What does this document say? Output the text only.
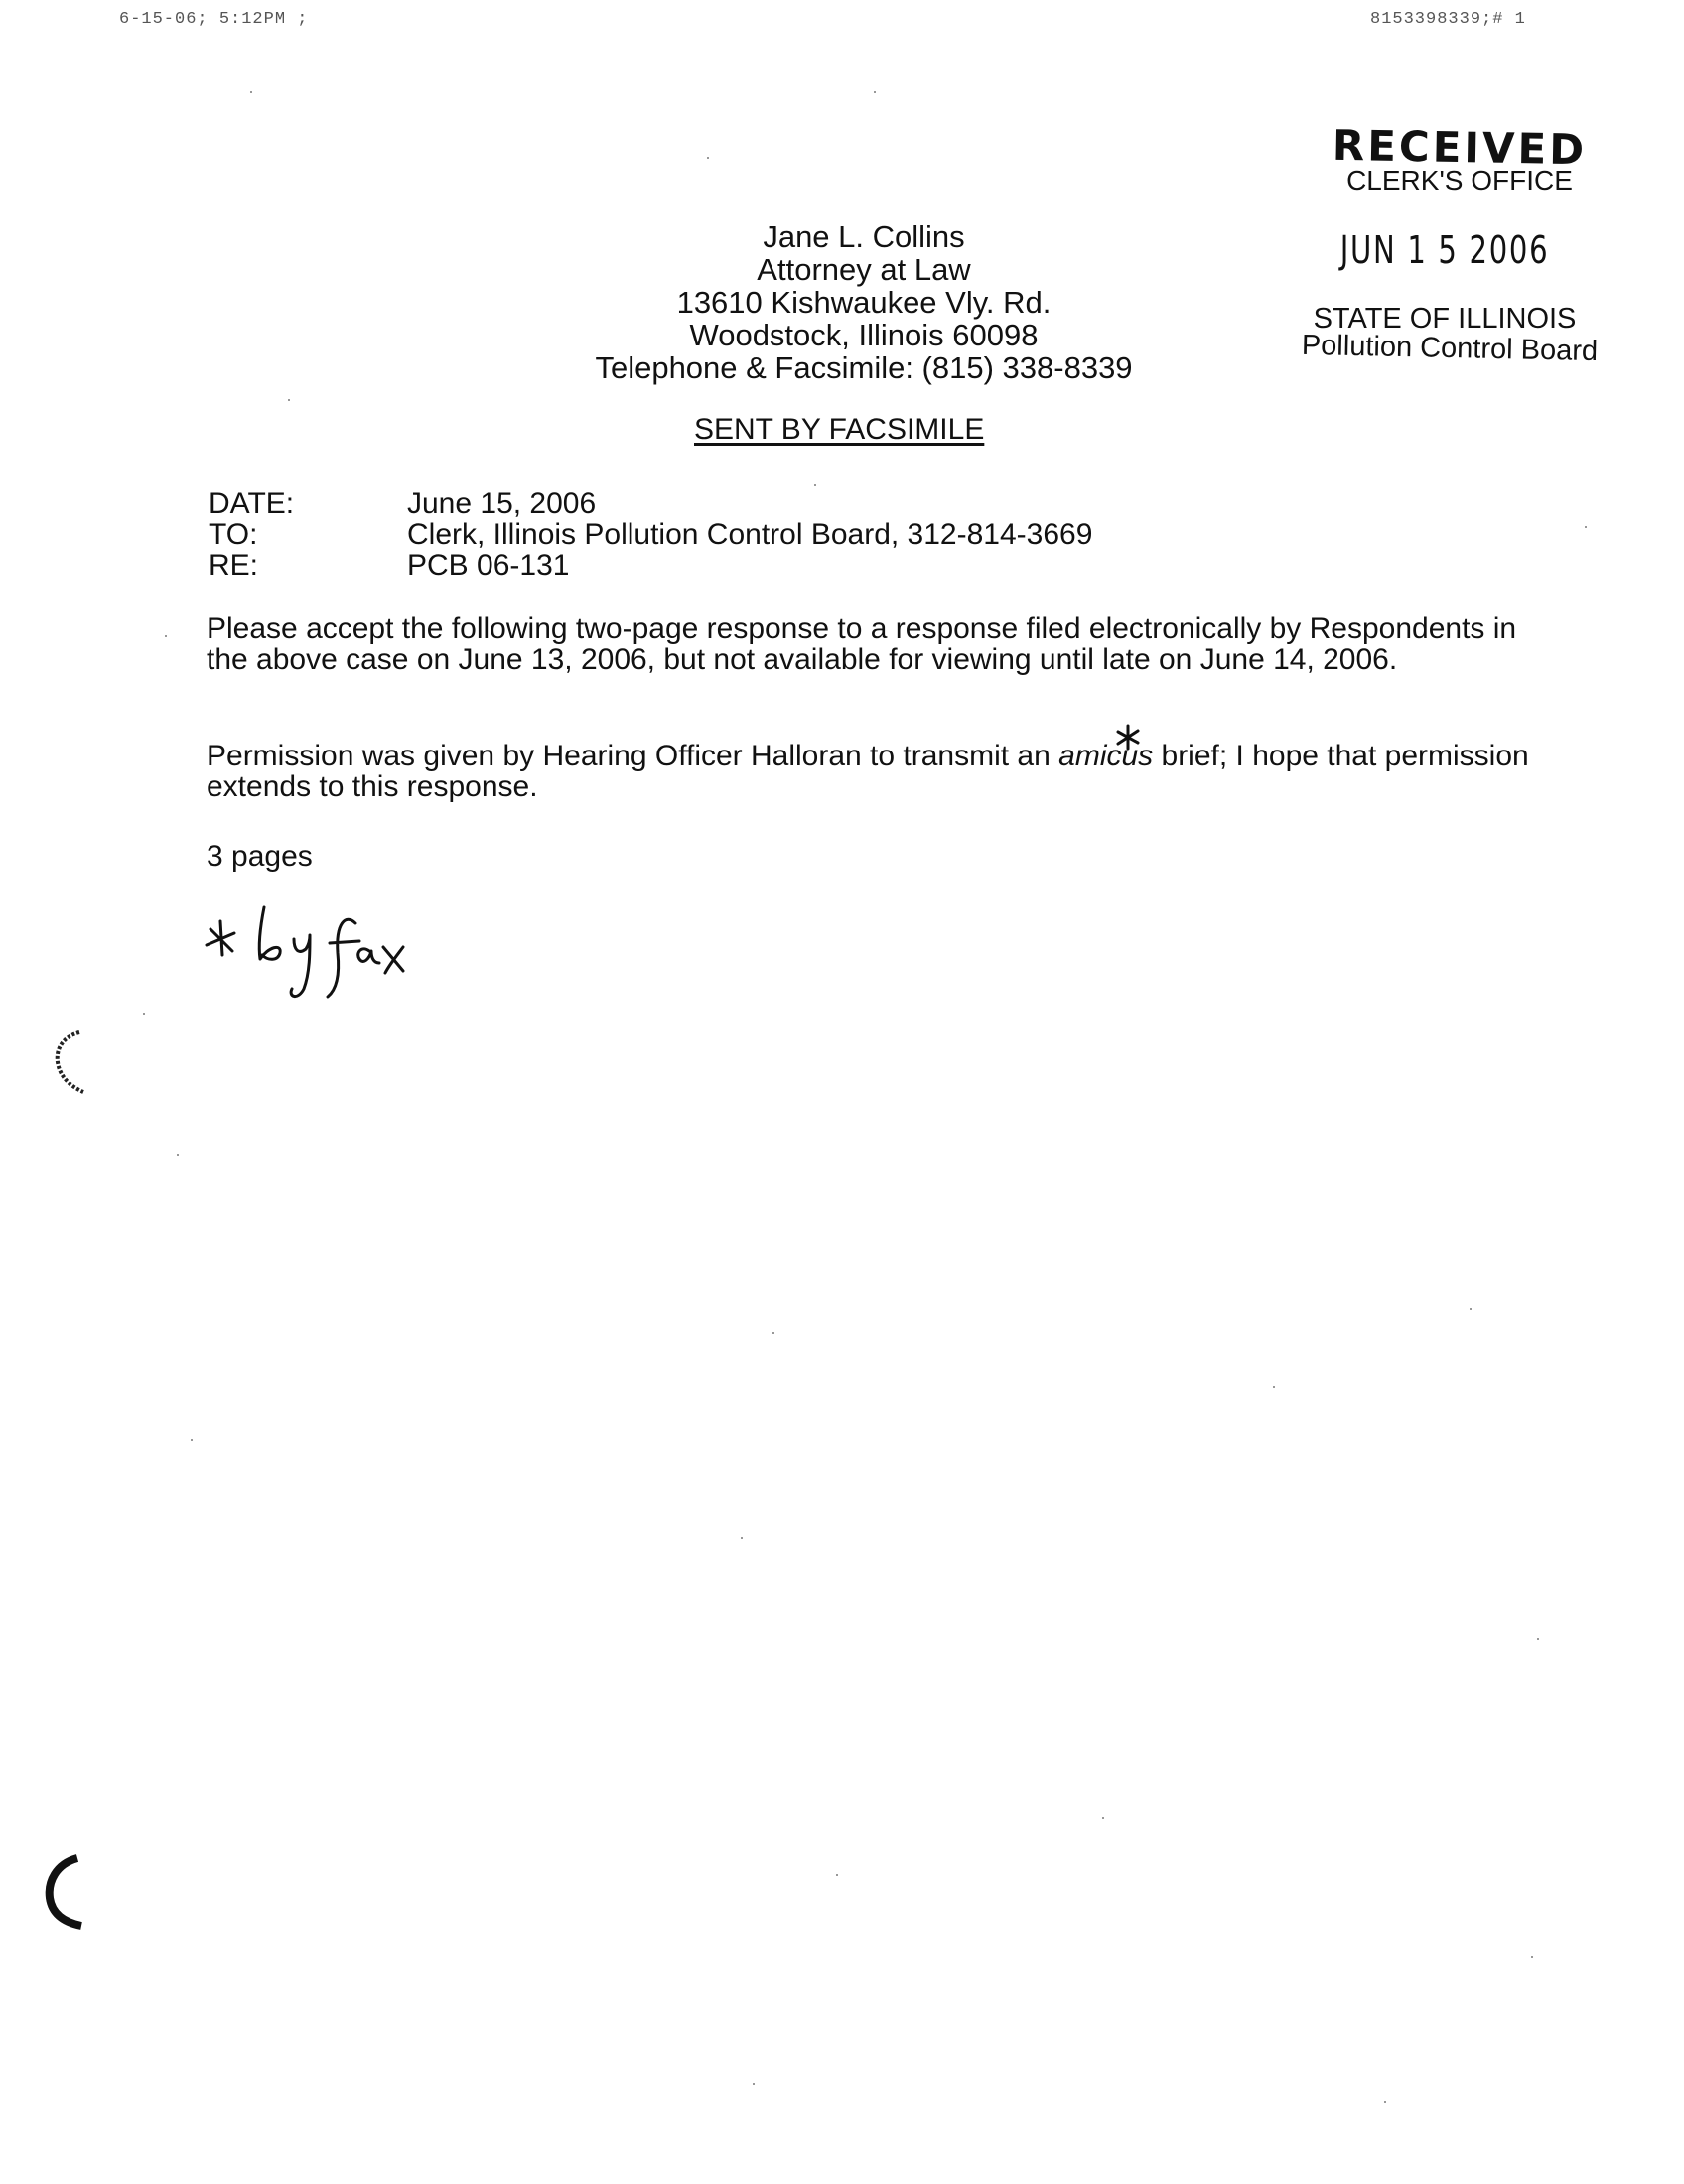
6-15-06; 5:12PM ;	8153398339;# 1
RECEIVED
CLERK'S OFFICE
JUN 1 5 2006
STATE OF ILLINOIS
Pollution Control Board
Jane L. Collins
Attorney at Law
13610 Kishwaukee Vly. Rd.
Woodstock, Illinois 60098
Telephone & Facsimile: (815) 338-8339
SENT BY FACSIMILE
DATE:	June 15, 2006
TO:	Clerk, Illinois Pollution Control Board, 312-814-3669
RE:	PCB 06-131
Please accept the following two-page response to a response filed electronically by Respondents in the above case on June 13, 2006, but not available for viewing until late on June 14, 2006.
Permission was given by Hearing Officer Halloran to transmit an amicus brief; I hope that permission extends to this response.
3 pages
